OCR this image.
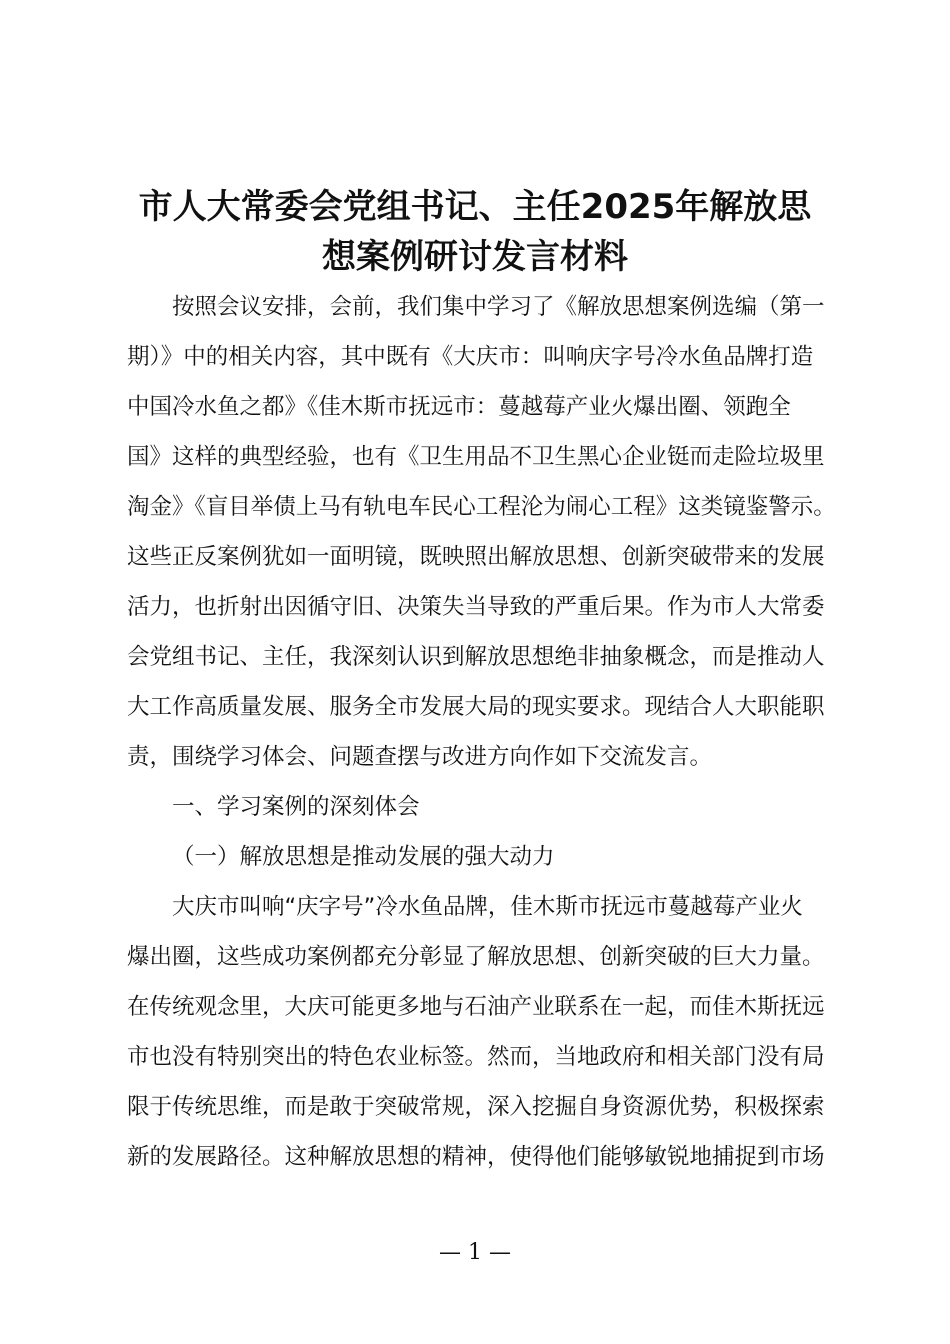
市人大常委会党组书记、主任2025年解放思
想案例研讨发言材料
按照会议安排，会前，我们集中学习了《解放思想案例选编（第一
期）》中的相关内容，其中既有《大庆市：叫响庆字号冷水鱼品牌打造
中国冷水鱼之都》《佳木斯市抚远市：蔓越莓产业火爆出圈、领跑全
国》这样的典型经验，也有《卫生用品不卫生黑心企业铤而走险垃圾里
淘金》《盲目举债上马有轨电车民心工程沦为闹心工程》这类镜鉴警示。
这些正反案例犹如一面明镜，既映照出解放思想、创新突破带来的发展
活力，也折射出因循守旧、决策失当导致的严重后果。作为市人大常委
会党组书记、主任，我深刻认识到解放思想绝非抽象概念，而是推动人
大工作高质量发展、服务全市发展大局的现实要求。现结合人大职能职
责，围绕学习体会、问题查摆与改进方向作如下交流发言。
一、学习案例的深刻体会
（一）解放思想是推动发展的强大动力
大庆市叫响“庆字号”冷水鱼品牌，佳木斯市抚远市蔓越莓产业火
爆出圈，这些成功案例都充分彰显了解放思想、创新突破的巨大力量。
在传统观念里，大庆可能更多地与石油产业联系在一起，而佳木斯抚远
市也没有特别突出的特色农业标签。然而，当地政府和相关部门没有局
限于传统思维，而是敢于突破常规，深入挖掘自身资源优势，积极探索
新的发展路径。这种解放思想的精神，使得他们能够敏锐地捕捉到市场
— 1 —
